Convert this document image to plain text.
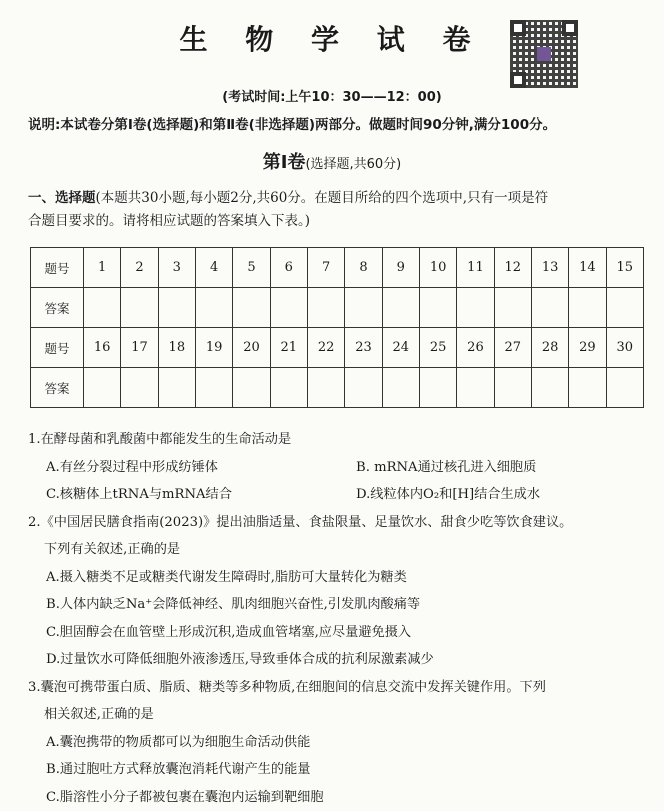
生 物 学 试 卷
(考试时间:上午10：30——12：00)
说明:本试卷分第Ⅰ卷(选择题)和第Ⅱ卷(非选择题)两部分。做题时间90分钟,满分100分。
第Ⅰ卷(选择题,共60分)
一、选择题(本题共30小题,每小题2分,共60分。在题目所给的四个选项中,只有一项是符
合题目要求的。请将相应试题的答案填入下表。)
题号	1	2	3	4	5	6	7	8	9	10	11	12	13	14	15
答案															
题号	16	17	18	19	20	21	22	23	24	25	26	27	28	29	30
答案															
1.在酵母菌和乳酸菌中都能发生的生命活动是
A.有丝分裂过程中形成纺锤体	B. mRNA通过核孔进入细胞质
C.核糖体上tRNA与mRNA结合	D.线粒体内O₂和[H]结合生成水
2.《中国居民膳食指南(2023)》提出油脂适量、食盐限量、足量饮水、甜食少吃等饮食建议。
下列有关叙述,正确的是
A.摄入糖类不足或糖类代谢发生障碍时,脂肪可大量转化为糖类
B.人体内缺乏Na⁺会降低神经、肌肉细胞兴奋性,引发肌肉酸痛等
C.胆固醇会在血管壁上形成沉积,造成血管堵塞,应尽量避免摄入
D.过量饮水可降低细胞外液渗透压,导致垂体合成的抗利尿激素减少
3.囊泡可携带蛋白质、脂质、糖类等多种物质,在细胞间的信息交流中发挥关键作用。下列
相关叙述,正确的是
A.囊泡携带的物质都可以为细胞生命活动供能
B.通过胞吐方式释放囊泡消耗代谢产生的能量
C.脂溶性小分子都被包裹在囊泡内运输到靶细胞
